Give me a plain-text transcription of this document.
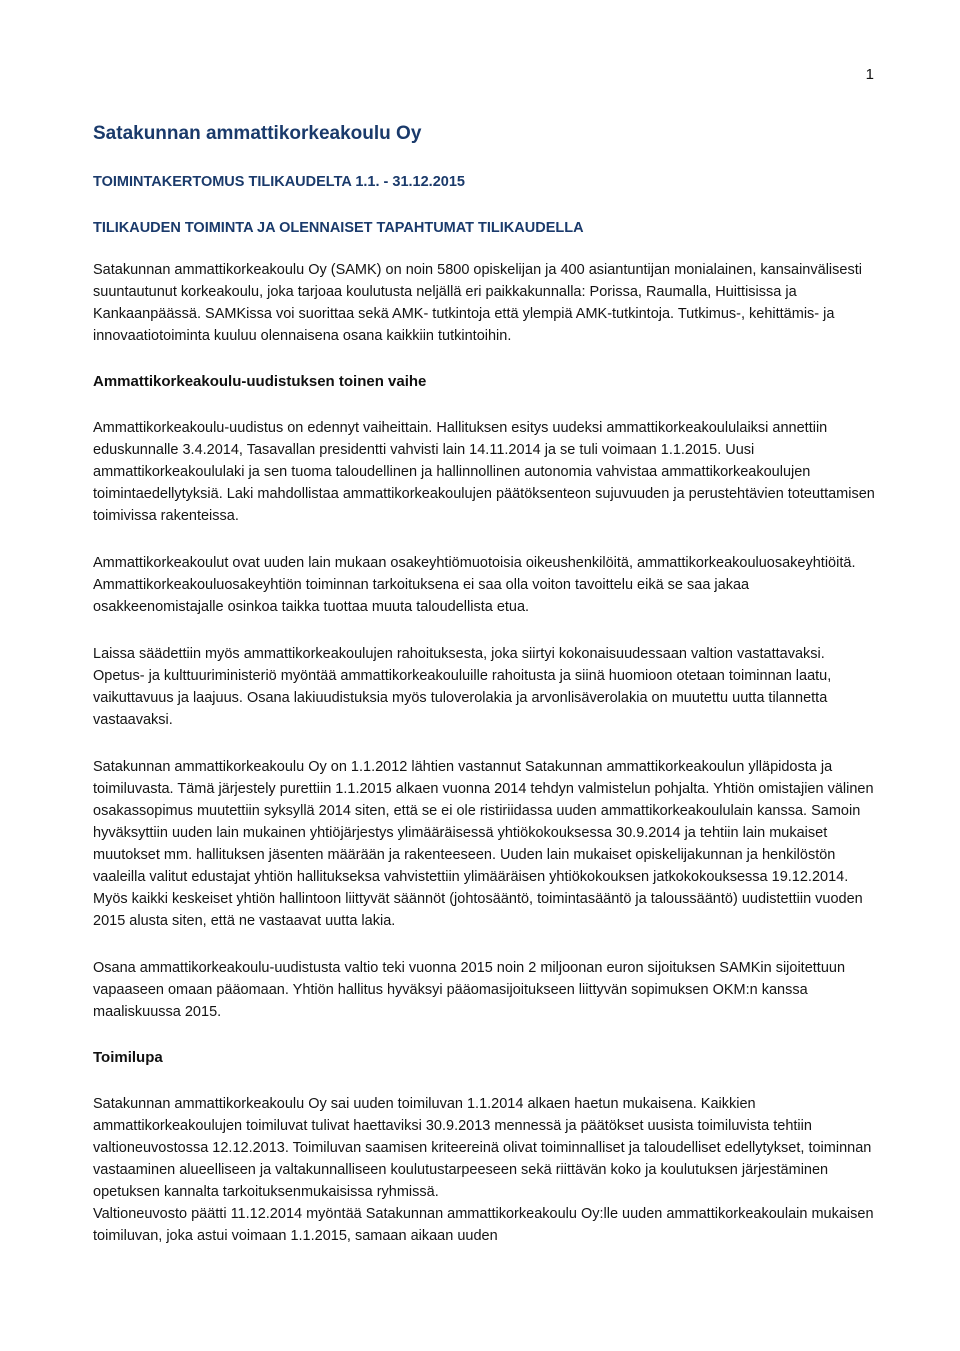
1
Satakunnan ammattikorkeakoulu Oy
TOIMINTAKERTOMUS TILIKAUDELTA 1.1. - 31.12.2015
TILIKAUDEN TOIMINTA JA OLENNAISET TAPAHTUMAT TILIKAUDELLA

Satakunnan ammattikorkeakoulu Oy (SAMK) on noin 5800 opiskelijan ja 400 asiantuntijan monialainen, kansainvälisesti suuntautunut korkeakoulu, joka tarjoaa koulutusta neljällä eri paikkakunnalla: Porissa, Raumalla, Huittisissa ja Kankaanpäässä. SAMKissa voi suorittaa sekä AMK- tutkintoja että ylempiä AMK-tutkintoja. Tutkimus-, kehittämis- ja innovaatiotoiminta kuuluu olennaisena osana kaikkiin tutkintoihin.

Ammattikorkeakoulu-uudistuksen toinen vaihe

Ammattikorkeakoulu-uudistus on edennyt vaiheittain. Hallituksen esitys uudeksi ammattikorkeakoululaiksi annettiin eduskunnalle 3.4.2014, Tasavallan presidentti vahvisti lain 14.11.2014 ja se tuli voimaan 1.1.2015. Uusi ammattikorkeakoululaki ja sen tuoma taloudellinen ja hallinnollinen autonomia vahvistaa ammattikorkeakoulujen toimintaedellytyksiä. Laki mahdollistaa ammattikorkeakoulujen päätöksenteon sujuvuuden ja perustehtävien toteuttamisen toimivissa rakenteissa.

Ammattikorkeakoulut ovat uuden lain mukaan osakeyhtiömuotoisia oikeushenkilöitä, ammattikorkeakouluosakeyhtiöitä. Ammattikorkeakouluosakeyhtiön toiminnan tarkoituksena ei saa olla voiton tavoittelu eikä se saa jakaa osakkeenomistajalle osinkoa taikka tuottaa muuta taloudellista etua.

Laissa säädettiin myös ammattikorkeakoulujen rahoituksesta, joka siirtyi kokonaisuudessaan valtion vastattavaksi. Opetus- ja kulttuuriministeriö myöntää ammattikorkeakouluille rahoitusta ja siinä huomioon otetaan toiminnan laatu, vaikuttavuus ja laajuus. Osana lakiuudistuksia myös tuloverolakia ja arvonlisäverolakia on muutettu uutta tilannetta vastaavaksi.

Satakunnan ammattikorkeakoulu Oy on 1.1.2012 lähtien vastannut Satakunnan ammattikorkeakoulun ylläpidosta ja toimiluvasta. Tämä järjestely purettiin 1.1.2015 alkaen vuonna 2014 tehdyn valmistelun pohjalta. Yhtiön omistajien välinen osakassopimus muutettiin syksyllä 2014 siten, että se ei ole ristiriidassa uuden ammattikorkeakoululain kanssa. Samoin hyväksyttiin uuden lain mukainen yhtiöjärjestys ylimääräisessä yhtiökokouksessa 30.9.2014 ja tehtiin lain mukaiset muutokset mm. hallituksen jäsenten määrään ja rakenteeseen. Uuden lain mukaiset opiskelijakunnan ja henkilöstön vaaleilla valitut edustajat yhtiön hallitukseksa vahvistettiin ylimääräisen yhtiökokouksen jatkokokouksessa 19.12.2014. Myös kaikki keskeiset yhtiön hallintoon liittyvät säännöt (johtosääntö, toimintasääntö ja taloussääntö) uudistettiin vuoden 2015 alusta siten, että ne vastaavat uutta lakia.

Osana ammattikorkeakoulu-uudistusta valtio teki vuonna 2015 noin 2 miljoonan euron sijoituksen SAMKin sijoitettuun vapaaseen omaan pääomaan. Yhtiön hallitus hyväksyi pääomasijoitukseen liittyvän sopimuksen OKM:n kanssa maaliskuussa 2015.

Toimilupa

Satakunnan ammattikorkeakoulu Oy sai uuden toimiluvan 1.1.2014 alkaen haetun mukaisena. Kaikkien ammattikorkeakoulujen toimiluvat tulivat haettaviksi 30.9.2013 mennessä ja päätökset uusista toimiluvista tehtiin valtioneuvostossa 12.12.2013. Toimiluvan saamisen kriteereinä olivat toiminnalliset ja taloudelliset edellytykset, toiminnan vastaaminen alueelliseen ja valtakunnalliseen koulutustarpeeseen sekä riittävän koko ja koulutuksen järjestäminen opetuksen kannalta tarkoituksenmukaisissa ryhmissä.

Valtioneuvosto päätti 11.12.2014 myöntää Satakunnan ammattikorkeakoulu Oy:lle uuden ammattikorkeakoulain mukaisen toimiluvan, joka astui voimaan 1.1.2015, samaan aikaan uuden
